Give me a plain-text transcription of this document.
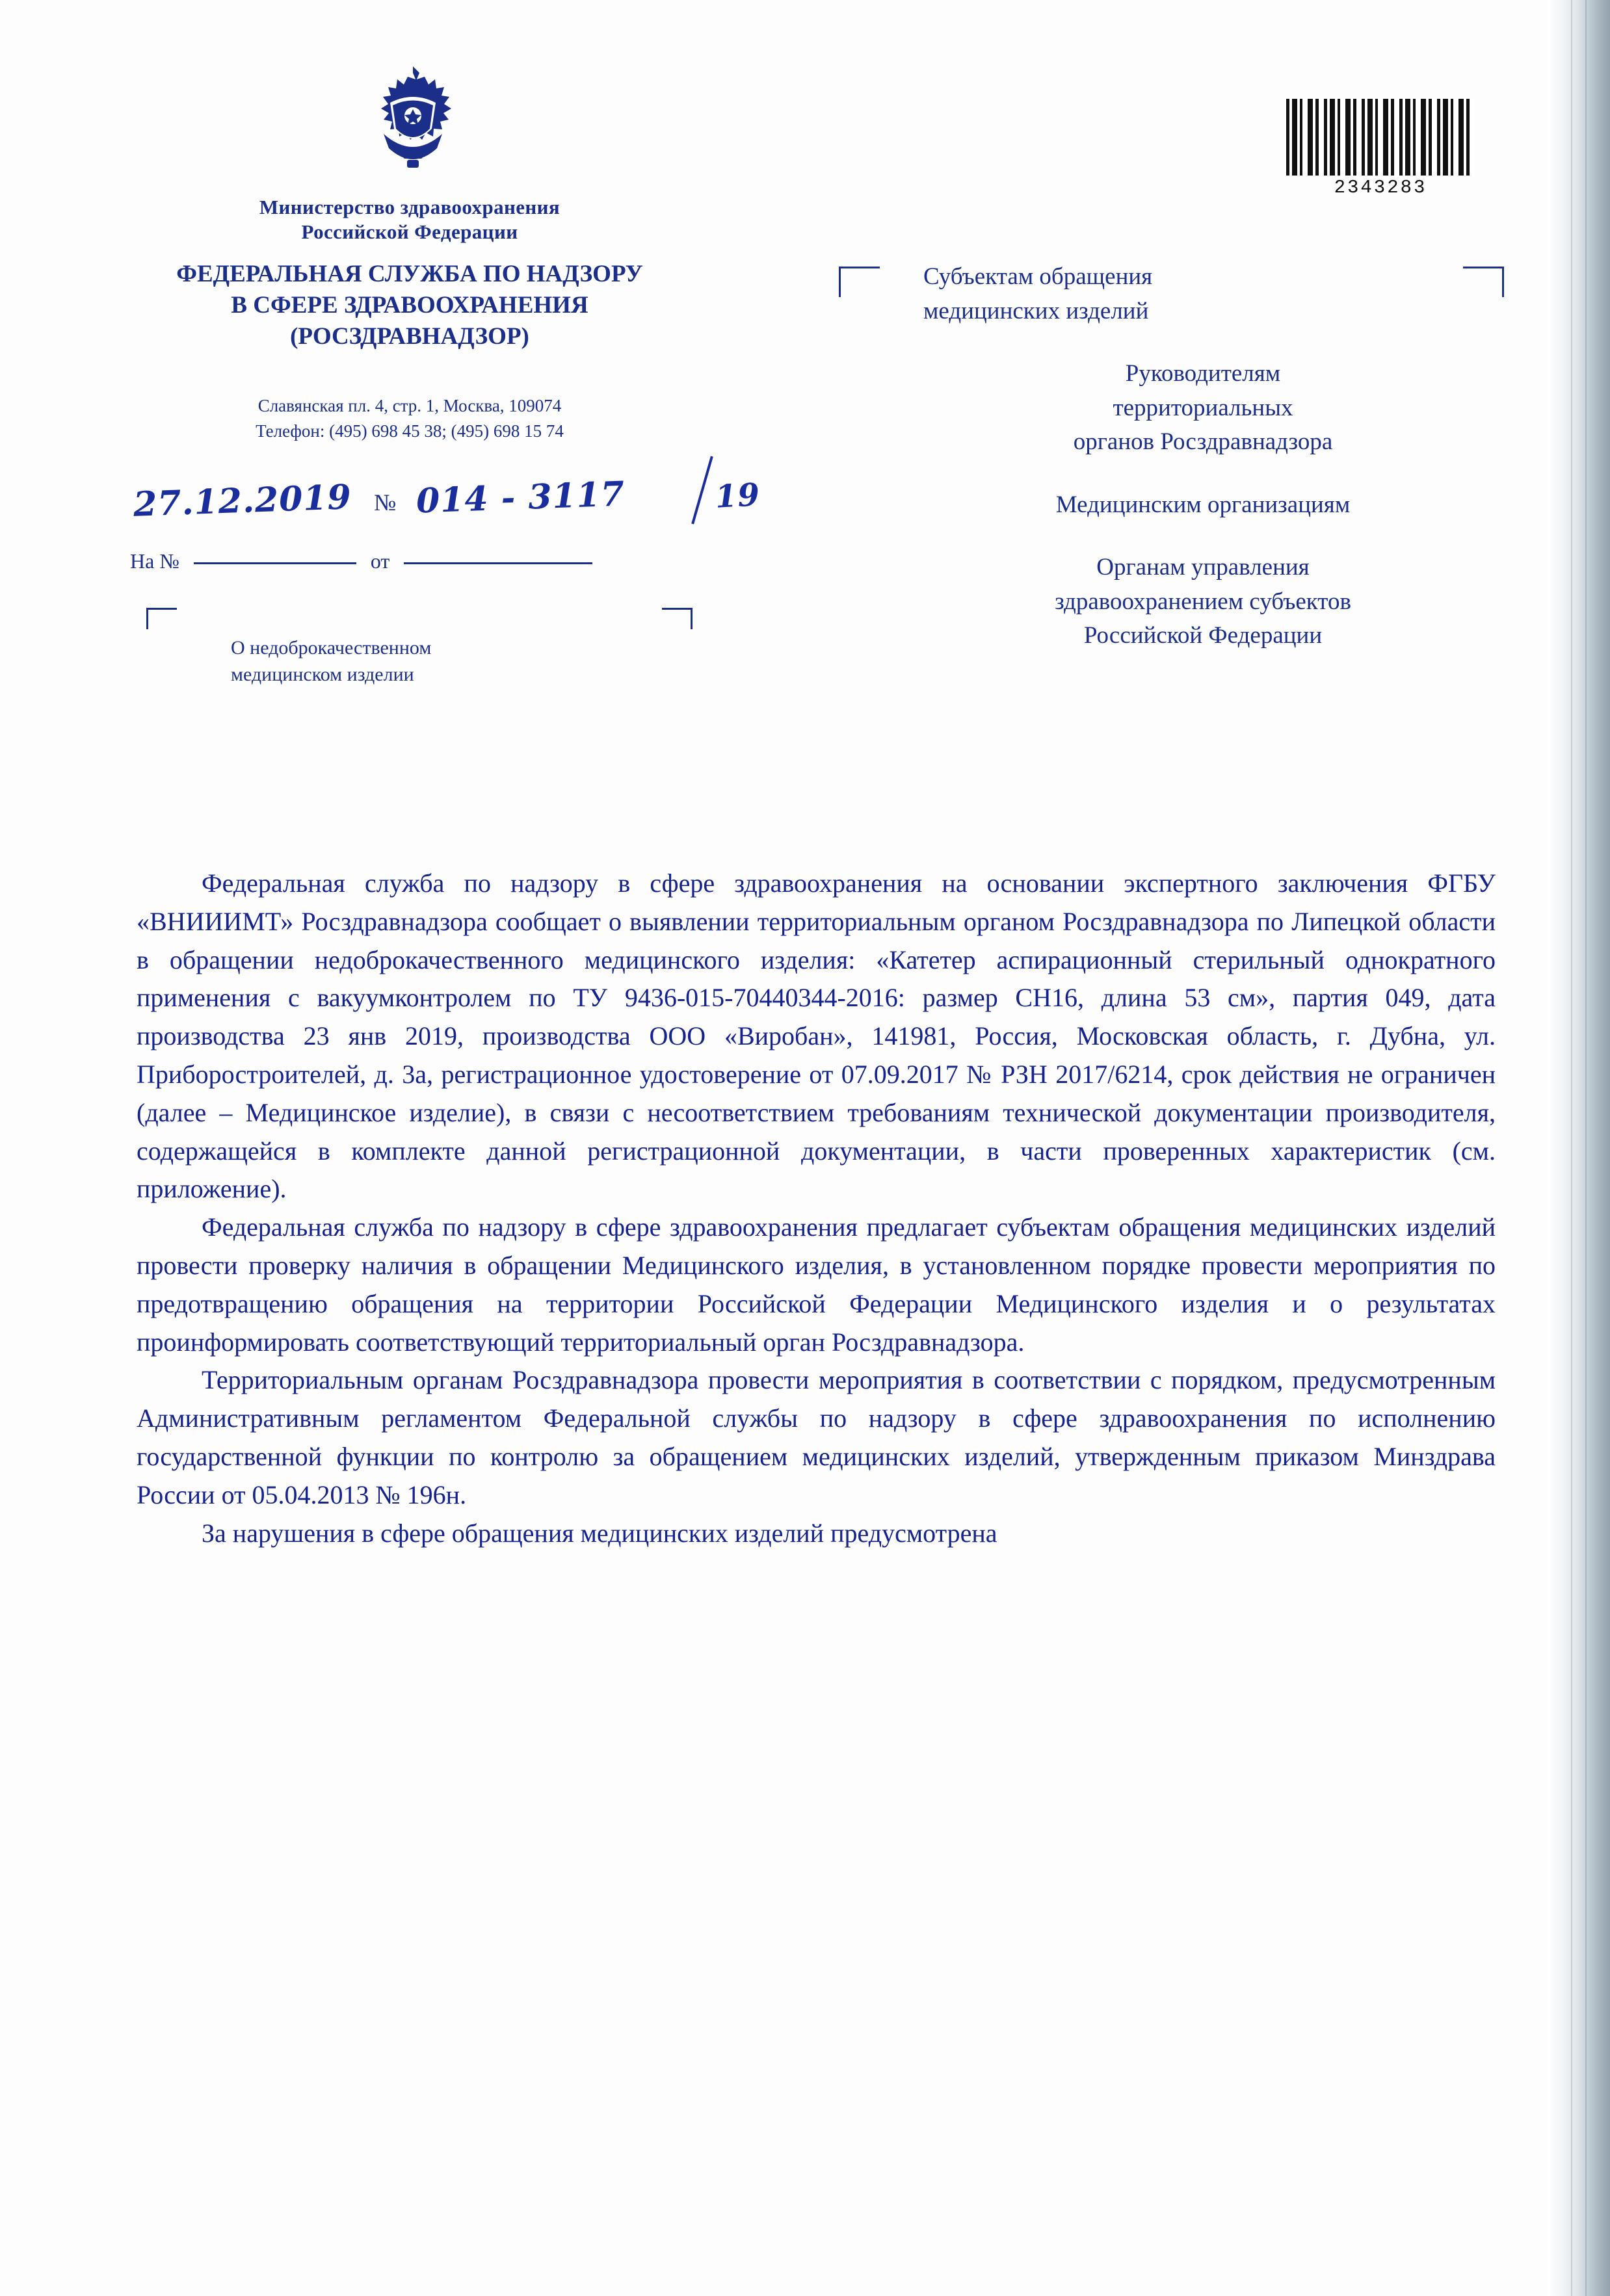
Министерство здравоохранения
Российской Федерации
ФЕДЕРАЛЬНАЯ СЛУЖБА ПО НАДЗОРУ
В СФЕРЕ ЗДРАВООХРАНЕНИЯ
(РОСЗДРАВНАДЗОР)
Славянская пл. 4, стр. 1, Москва, 109074
Телефон: (495) 698 45 38; (495) 698 15 74
27.12.2019 № 014 - 3117	19
На №	от
О недоброкачественном
медицинском изделии
2343283
Субъектам обращения
медицинских изделий
Руководителям
территориальных
органов Росздравнадзора
Медицинским организациям
Органам управления
здравоохранением субъектов
Российской Федерации

Федеральная служба по надзору в сфере здравоохранения на основании экспертного заключения ФГБУ «ВНИИИМТ» Росздравнадзора сообщает о выявлении территориальным органом Росздравнадзора по Липецкой области в обращении недоброкачественного медицинского изделия: «Катетер аспирационный стерильный однократного применения с вакуумконтролем по ТУ 9436-015-70440344-2016: размер CH16, длина 53 см», партия 049, дата производства 23 янв 2019, производства ООО «Виробан», 141981, Россия, Московская область, г. Дубна, ул. Приборостроителей, д. 3а, регистрационное удостоверение от 07.09.2017 № РЗН 2017/6214, срок действия не ограничен (далее – Медицинское изделие), в связи с несоответствием требованиям технической документации производителя, содержащейся в комплекте данной регистрационной документации, в части проверенных характеристик (см. приложение).

Федеральная служба по надзору в сфере здравоохранения предлагает субъектам обращения медицинских изделий провести проверку наличия в обращении Медицинского изделия, в установленном порядке провести мероприятия по предотвращению обращения на территории Российской Федерации Медицинского изделия и о результатах проинформировать соответствующий территориальный орган Росздравнадзора.

Территориальным органам Росздравнадзора провести мероприятия в соответствии с порядком, предусмотренным Административным регламентом Федеральной службы по надзору в сфере здравоохранения по исполнению государственной функции по контролю за обращением медицинских изделий, утвержденным приказом Минздрава России от 05.04.2013 № 196н.

За нарушения в сфере обращения медицинских изделий предусмотрена
